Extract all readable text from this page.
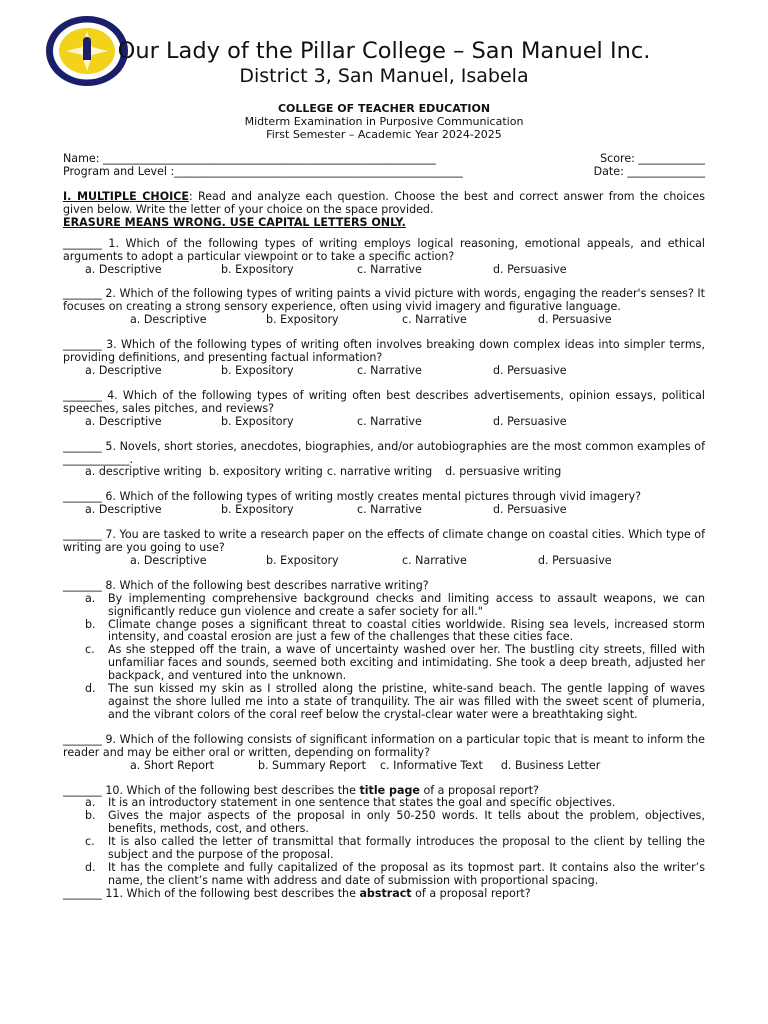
Our Lady of the Pillar College – San Manuel Inc.
District 3, San Manuel, Isabela
COLLEGE OF TEACHER EDUCATION
Midterm Examination in Purposive Communication
First Semester – Academic Year 2024-2025
Name: ____________________________________________________________	Score: ____________
Program and Level :____________________________________________________	Date: ______________

I. MULTIPLE CHOICE: Read and analyze each question. Choose the best and correct answer from the choices given below. Write the letter of your choice on the space provided.

ERASURE MEANS WRONG. USE CAPITAL LETTERS ONLY.

_______ 1. Which of the following types of writing employs logical reasoning, emotional appeals, and ethical arguments to adopt a particular viewpoint or to take a specific action?
a. Descriptive	b. Expository	c. Narrative	d. Persuasive
_______ 2. Which of the following types of writing paints a vivid picture with words, engaging the reader's senses? It focuses on creating a strong sensory experience, often using vivid imagery and figurative language.
a. Descriptive	b. Expository	c. Narrative	d. Persuasive
_______ 3. Which of the following types of writing often involves breaking down complex ideas into simpler terms, providing definitions, and presenting factual information?
a. Descriptive	b. Expository	c. Narrative	d. Persuasive
_______ 4. Which of the following types of writing often best describes advertisements, opinion essays, political speeches, sales pitches, and reviews?
a. Descriptive	b. Expository	c. Narrative	d. Persuasive
_______ 5. Novels, short stories, anecdotes, biographies, and/or autobiographies are the most common examples of ____________.
a. descriptive writing b. expository writing c. narrative writing d. persuasive writing
_______ 6. Which of the following types of writing mostly creates mental pictures through vivid imagery?
a. Descriptive	b. Expository	c. Narrative	d. Persuasive
_______ 7. You are tasked to write a research paper on the effects of climate change on coastal cities. Which type of writing are you going to use?
a. Descriptive	b. Expository	c. Narrative	d. Persuasive
_______ 8. Which of the following best describes narrative writing?
a.	By implementing comprehensive background checks and limiting access to assault weapons, we can significantly reduce gun violence and create a safer society for all."
b.	Climate change poses a significant threat to coastal cities worldwide. Rising sea levels, increased storm intensity, and coastal erosion are just a few of the challenges that these cities face.
c.	As she stepped off the train, a wave of uncertainty washed over her. The bustling city streets, filled with unfamiliar faces and sounds, seemed both exciting and intimidating. She took a deep breath, adjusted her backpack, and ventured into the unknown.
d.	The sun kissed my skin as I strolled along the pristine, white-sand beach. The gentle lapping of waves against the shore lulled me into a state of tranquility. The air was filled with the sweet scent of plumeria, and the vibrant colors of the coral reef below the crystal-clear water were a breathtaking sight.
_______ 9. Which of the following consists of significant information on a particular topic that is meant to inform the reader and may be either oral or written, depending on formality?
a. Short Report	b. Summary Report c. Informative Text d. Business Letter
_______ 10. Which of the following best describes the title page of a proposal report?
a.	It is an introductory statement in one sentence that states the goal and specific objectives.
b.	Gives the major aspects of the proposal in only 50-250 words. It tells about the problem, objectives, benefits, methods, cost, and others.
c.	It is also called the letter of transmittal that formally introduces the proposal to the client by telling the subject and the purpose of the proposal.
d.	It has the complete and fully capitalized of the proposal as its topmost part. It contains also the writer’s name, the client’s name with address and date of submission with proportional spacing.
_______ 11. Which of the following best describes the abstract of a proposal report?
